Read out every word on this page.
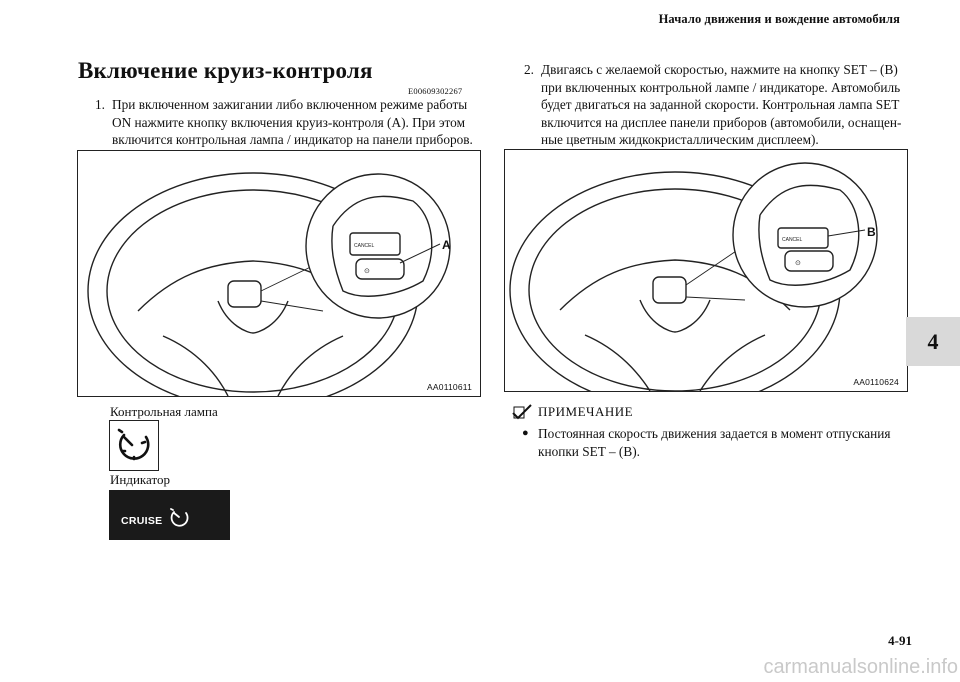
Начало движения и вождение автомобиля
Включение круиз-контроля
E00609302267
1. При включенном зажигании либо включенном режиме работы
ON нажмите кнопку включения круиз-контроля (A). При этом
включится контрольная лампа / индикатор на панели приборов.
2. Двигаясь с желаемой скоростью, нажмите на кнопку SET – (B)
при включенных контрольной лампе / индикаторе. Автомобиль
будет двигаться на заданной скорости. Контрольная лампа SET
включится на дисплее панели приборов (автомобили, оснащен-
ные цветным жидкокристаллическим дисплеем).
CANCEL
⊙
A
AA0110611
CANCEL
⊙
B
AA0110624
Контрольная лампа
Индикатор
CRUISE
ПРИМЕЧАНИЕ
● Постоянная скорость движения задается в момент отпускания
кнопки SET – (B).
4
4-91
carmanualsonline.info
